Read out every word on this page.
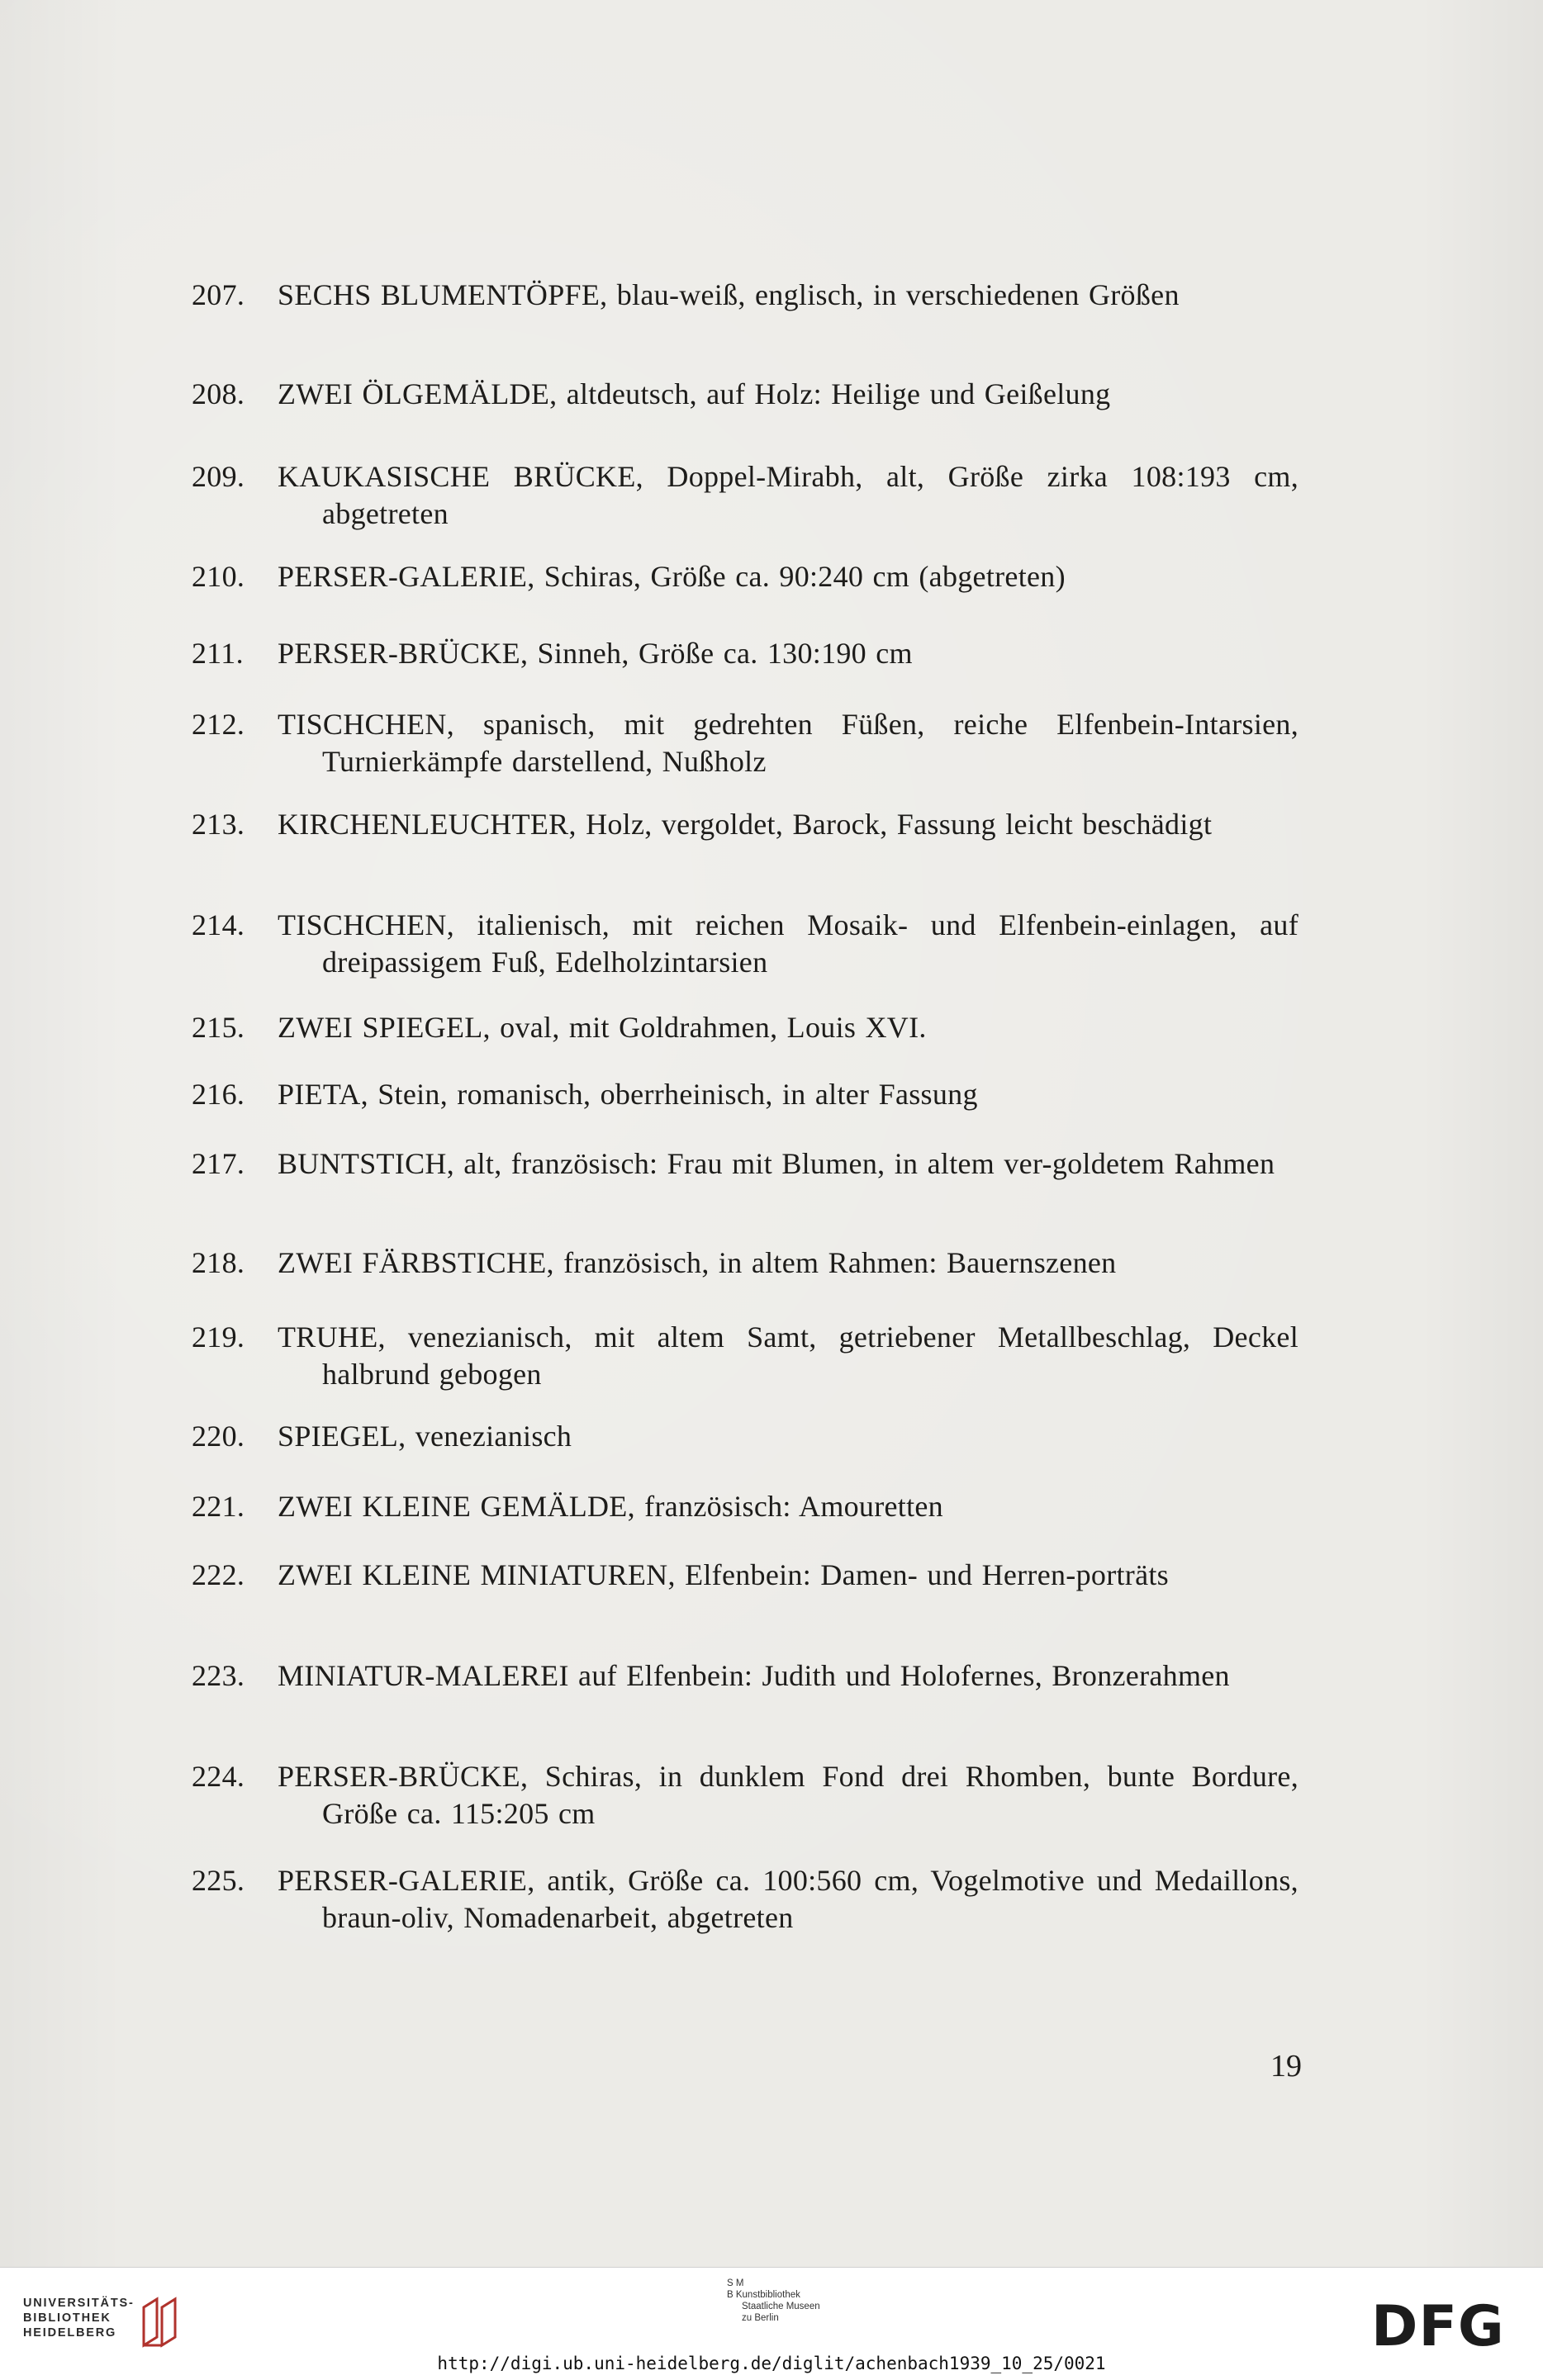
207.	SECHS BLUMENTÖPFE, blau-weiß, englisch, in verschiedenen Größen
208.	ZWEI ÖLGEMÄLDE, altdeutsch, auf Holz: Heilige und Geißelung
209.	KAUKASISCHE BRÜCKE, Doppel-Mirabh, alt, Größe zirka 108:193 cm, abgetreten
210.	PERSER-GALERIE, Schiras, Größe ca. 90:240 cm (abgetreten)
211.	PERSER-BRÜCKE, Sinneh, Größe ca. 130:190 cm
212.	TISCHCHEN, spanisch, mit gedrehten Füßen, reiche Elfenbein-Intarsien, Turnierkämpfe darstellend, Nußholz
213.	KIRCHENLEUCHTER, Holz, vergoldet, Barock, Fassung leicht beschädigt
214.	TISCHCHEN, italienisch, mit reichen Mosaik- und Elfenbein-einlagen, auf dreipassigem Fuß, Edelholzintarsien
215.	ZWEI SPIEGEL, oval, mit Goldrahmen, Louis XVI.
216.	PIETA, Stein, romanisch, oberrheinisch, in alter Fassung
217.	BUNTSTICH, alt, französisch: Frau mit Blumen, in altem ver-goldetem Rahmen
218.	ZWEI FÄRBSTICHE, französisch, in altem Rahmen: Bauernszenen
219.	TRUHE, venezianisch, mit altem Samt, getriebener Metallbeschlag, Deckel halbrund gebogen
220.	SPIEGEL, venezianisch
221.	ZWEI KLEINE GEMÄLDE, französisch: Amouretten
222.	ZWEI KLEINE MINIATUREN, Elfenbein: Damen- und Herren-porträts
223.	MINIATUR-MALEREI auf Elfenbein: Judith und Holofernes, Bronzerahmen
224.	PERSER-BRÜCKE, Schiras, in dunklem Fond drei Rhomben, bunte Bordure, Größe ca. 115:205 cm
225.	PERSER-GALERIE, antik, Größe ca. 100:560 cm, Vogelmotive und Medaillons, braun-oliv, Nomadenarbeit, abgetreten
19
UNIVERSITÄTS-
BIBLIOTHEK
HEIDELBERG
S M
B Kunstbibliothek
Staatliche Museen
zu Berlin	DFG
http://digi.ub.uni-heidelberg.de/diglit/achenbach1939_10_25/0021
